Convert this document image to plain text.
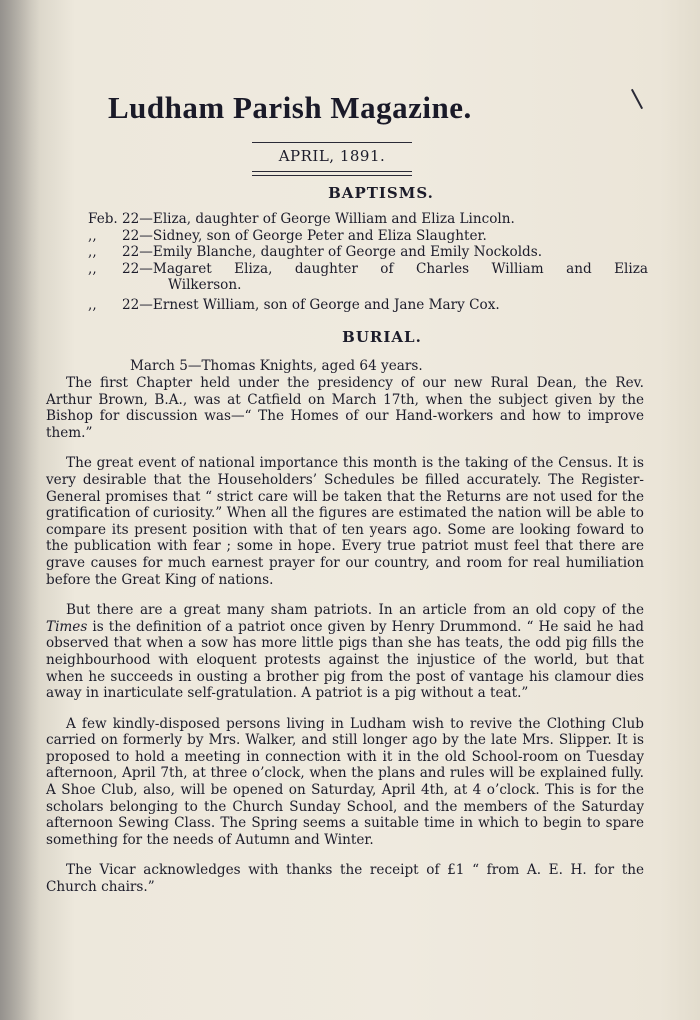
Ludham Parish Magazine.
APRIL, 1891.
BAPTISMS.
Feb. 22— Eliza, daughter of George William and Eliza Lincoln.
,,	22— Sidney, son of George Peter and Eliza Slaughter.
,,	22— Emily Blanche, daughter of George and Emily Nockolds.
,,	22— Magaret Eliza, daughter of Charles William and Eliza
Wilkerson.
,,	22— Ernest William, son of George and Jane Mary Cox.
BURIAL.
March 5—Thomas Knights, aged 64 years.

The first Chapter held under the presidency of our new Rural Dean, the Rev. Arthur Brown, B.A., was at Catfield on March 17th, when the subject given by the Bishop for discussion was—“ The Homes of our Hand-workers and how to improve them.”

The great event of national importance this month is the taking of the Census. It is very desirable that the Householders’ Schedules be filled accurately. The Register-General promises that “ strict care will be taken that the Returns are not used for the gratification of curiosity.” When all the figures are estimated the nation will be able to compare its present position with that of ten years ago. Some are looking foward to the publication with fear ; some in hope. Every true patriot must feel that there are grave causes for much earnest prayer for our country, and room for real humiliation before the Great King of nations.

But there are a great many sham patriots. In an article from an old copy of the Times is the definition of a patriot once given by Henry Drummond. “ He said he had observed that when a sow has more little pigs than she has teats, the odd pig fills the neighbourhood with eloquent protests against the injustice of the world, but that when he succeeds in ousting a brother pig from the post of vantage his clamour dies away in inarticulate self-gratulation. A patriot is a pig without a teat.”

A few kindly-disposed persons living in Ludham wish to revive the Clothing Club carried on formerly by Mrs. Walker, and still longer ago by the late Mrs. Slipper. It is proposed to hold a meeting in connection with it in the old School-room on Tuesday afternoon, April 7th, at three o’clock, when the plans and rules will be explained fully. A Shoe Club, also, will be opened on Saturday, April 4th, at 4 o’clock. This is for the scholars belonging to the Church Sunday School, and the members of the Saturday afternoon Sewing Class. The Spring seems a suitable time in which to begin to spare something for the needs of Autumn and Winter.

The Vicar acknowledges with thanks the receipt of £1 “ from A. E. H. for the Church chairs.”
